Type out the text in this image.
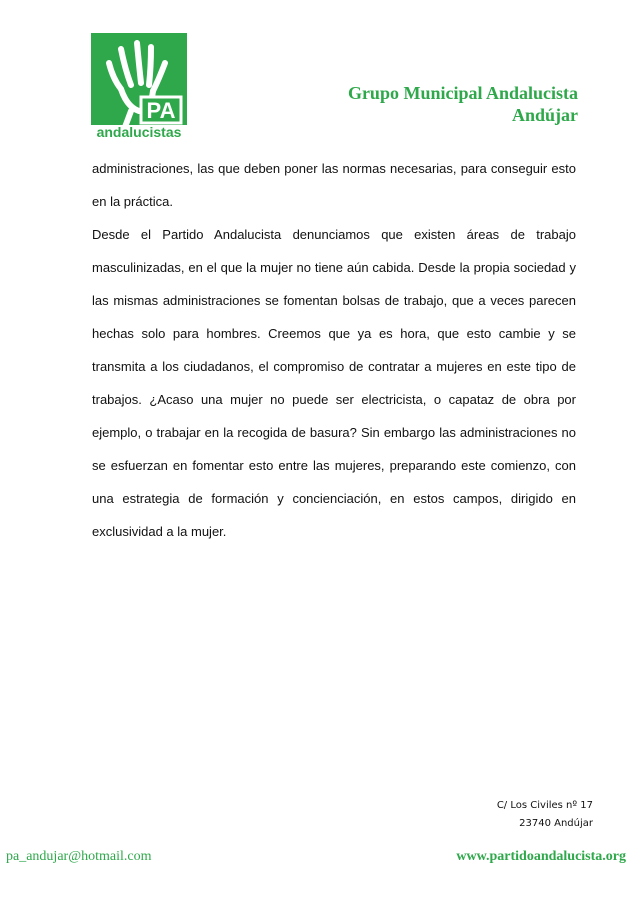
PA
andalucistas
Grupo Municipal Andalucista
Andújar

administraciones, las que deben poner las normas necesarias, para conseguir esto en la práctica.

Desde el Partido Andalucista denunciamos que existen áreas de trabajo masculinizadas, en el que la mujer no tiene aún cabida. Desde la propia sociedad y las mismas administraciones se fomentan bolsas de trabajo, que a veces parecen hechas solo para hombres. Creemos que ya es hora, que esto cambie y se transmita a los ciudadanos, el compromiso de contratar a mujeres en este tipo de trabajos. ¿Acaso una mujer no puede ser electricista, o capataz de obra por ejemplo, o trabajar en la recogida de basura? Sin embargo las administraciones no se esfuerzan en fomentar esto entre las mujeres, preparando este comienzo, con una estrategia de formación y concienciación, en estos campos, dirigido en exclusividad a la mujer.

C/ Los Civiles nº 17
23740 Andújar
pa_andujar@hotmail.com	www.partidoandalucista.org
